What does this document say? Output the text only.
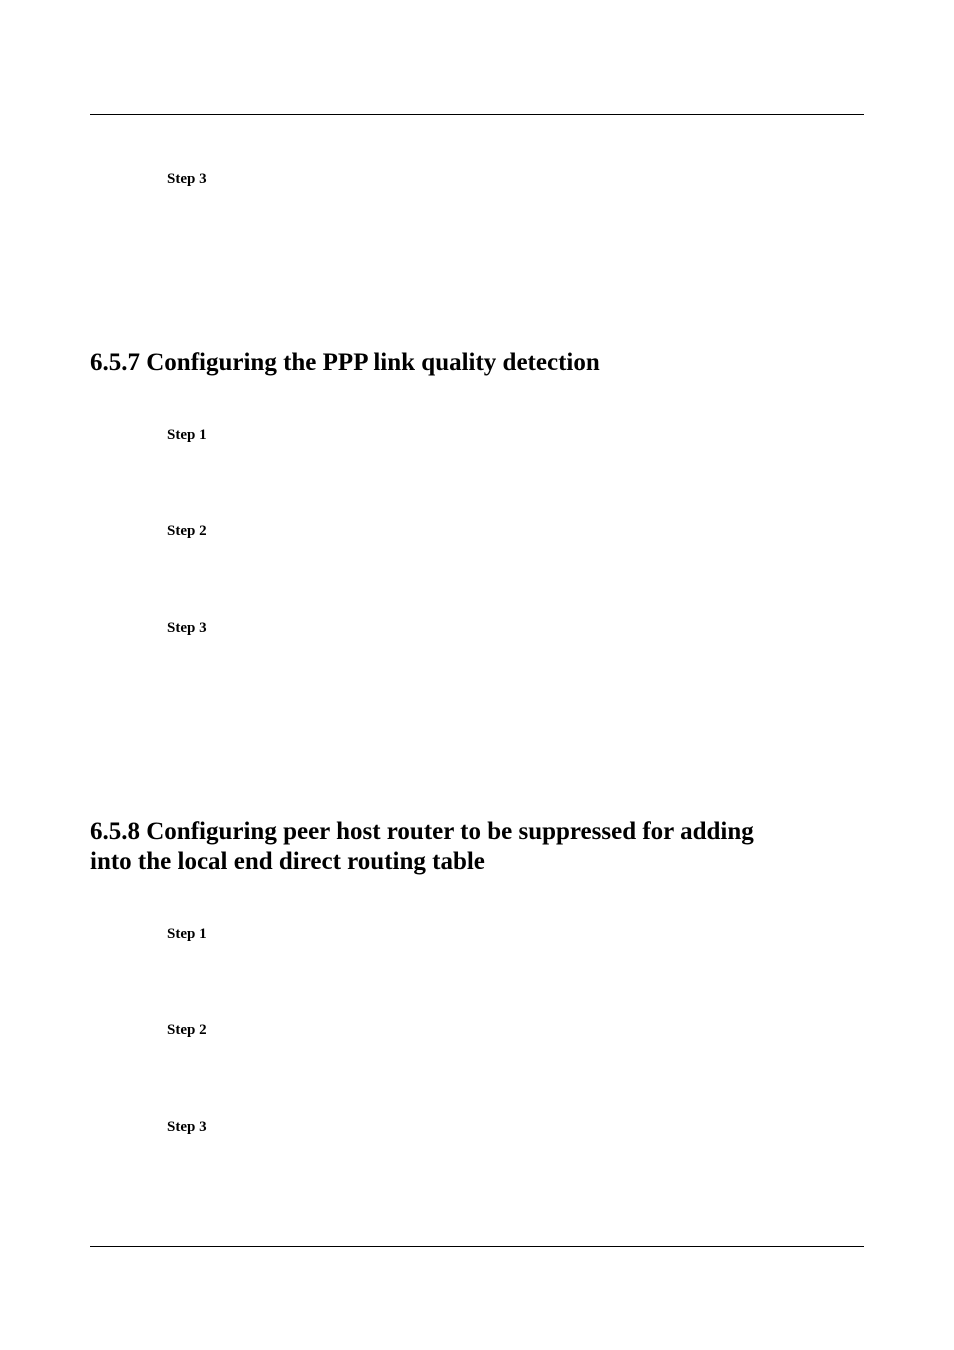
Step 3
6.5.7 Configuring the PPP link quality detection
Step 1
Step 2
Step 3
6.5.8 Configuring peer host router to be suppressed for adding
into the local end direct routing table
Step 1
Step 2
Step 3
